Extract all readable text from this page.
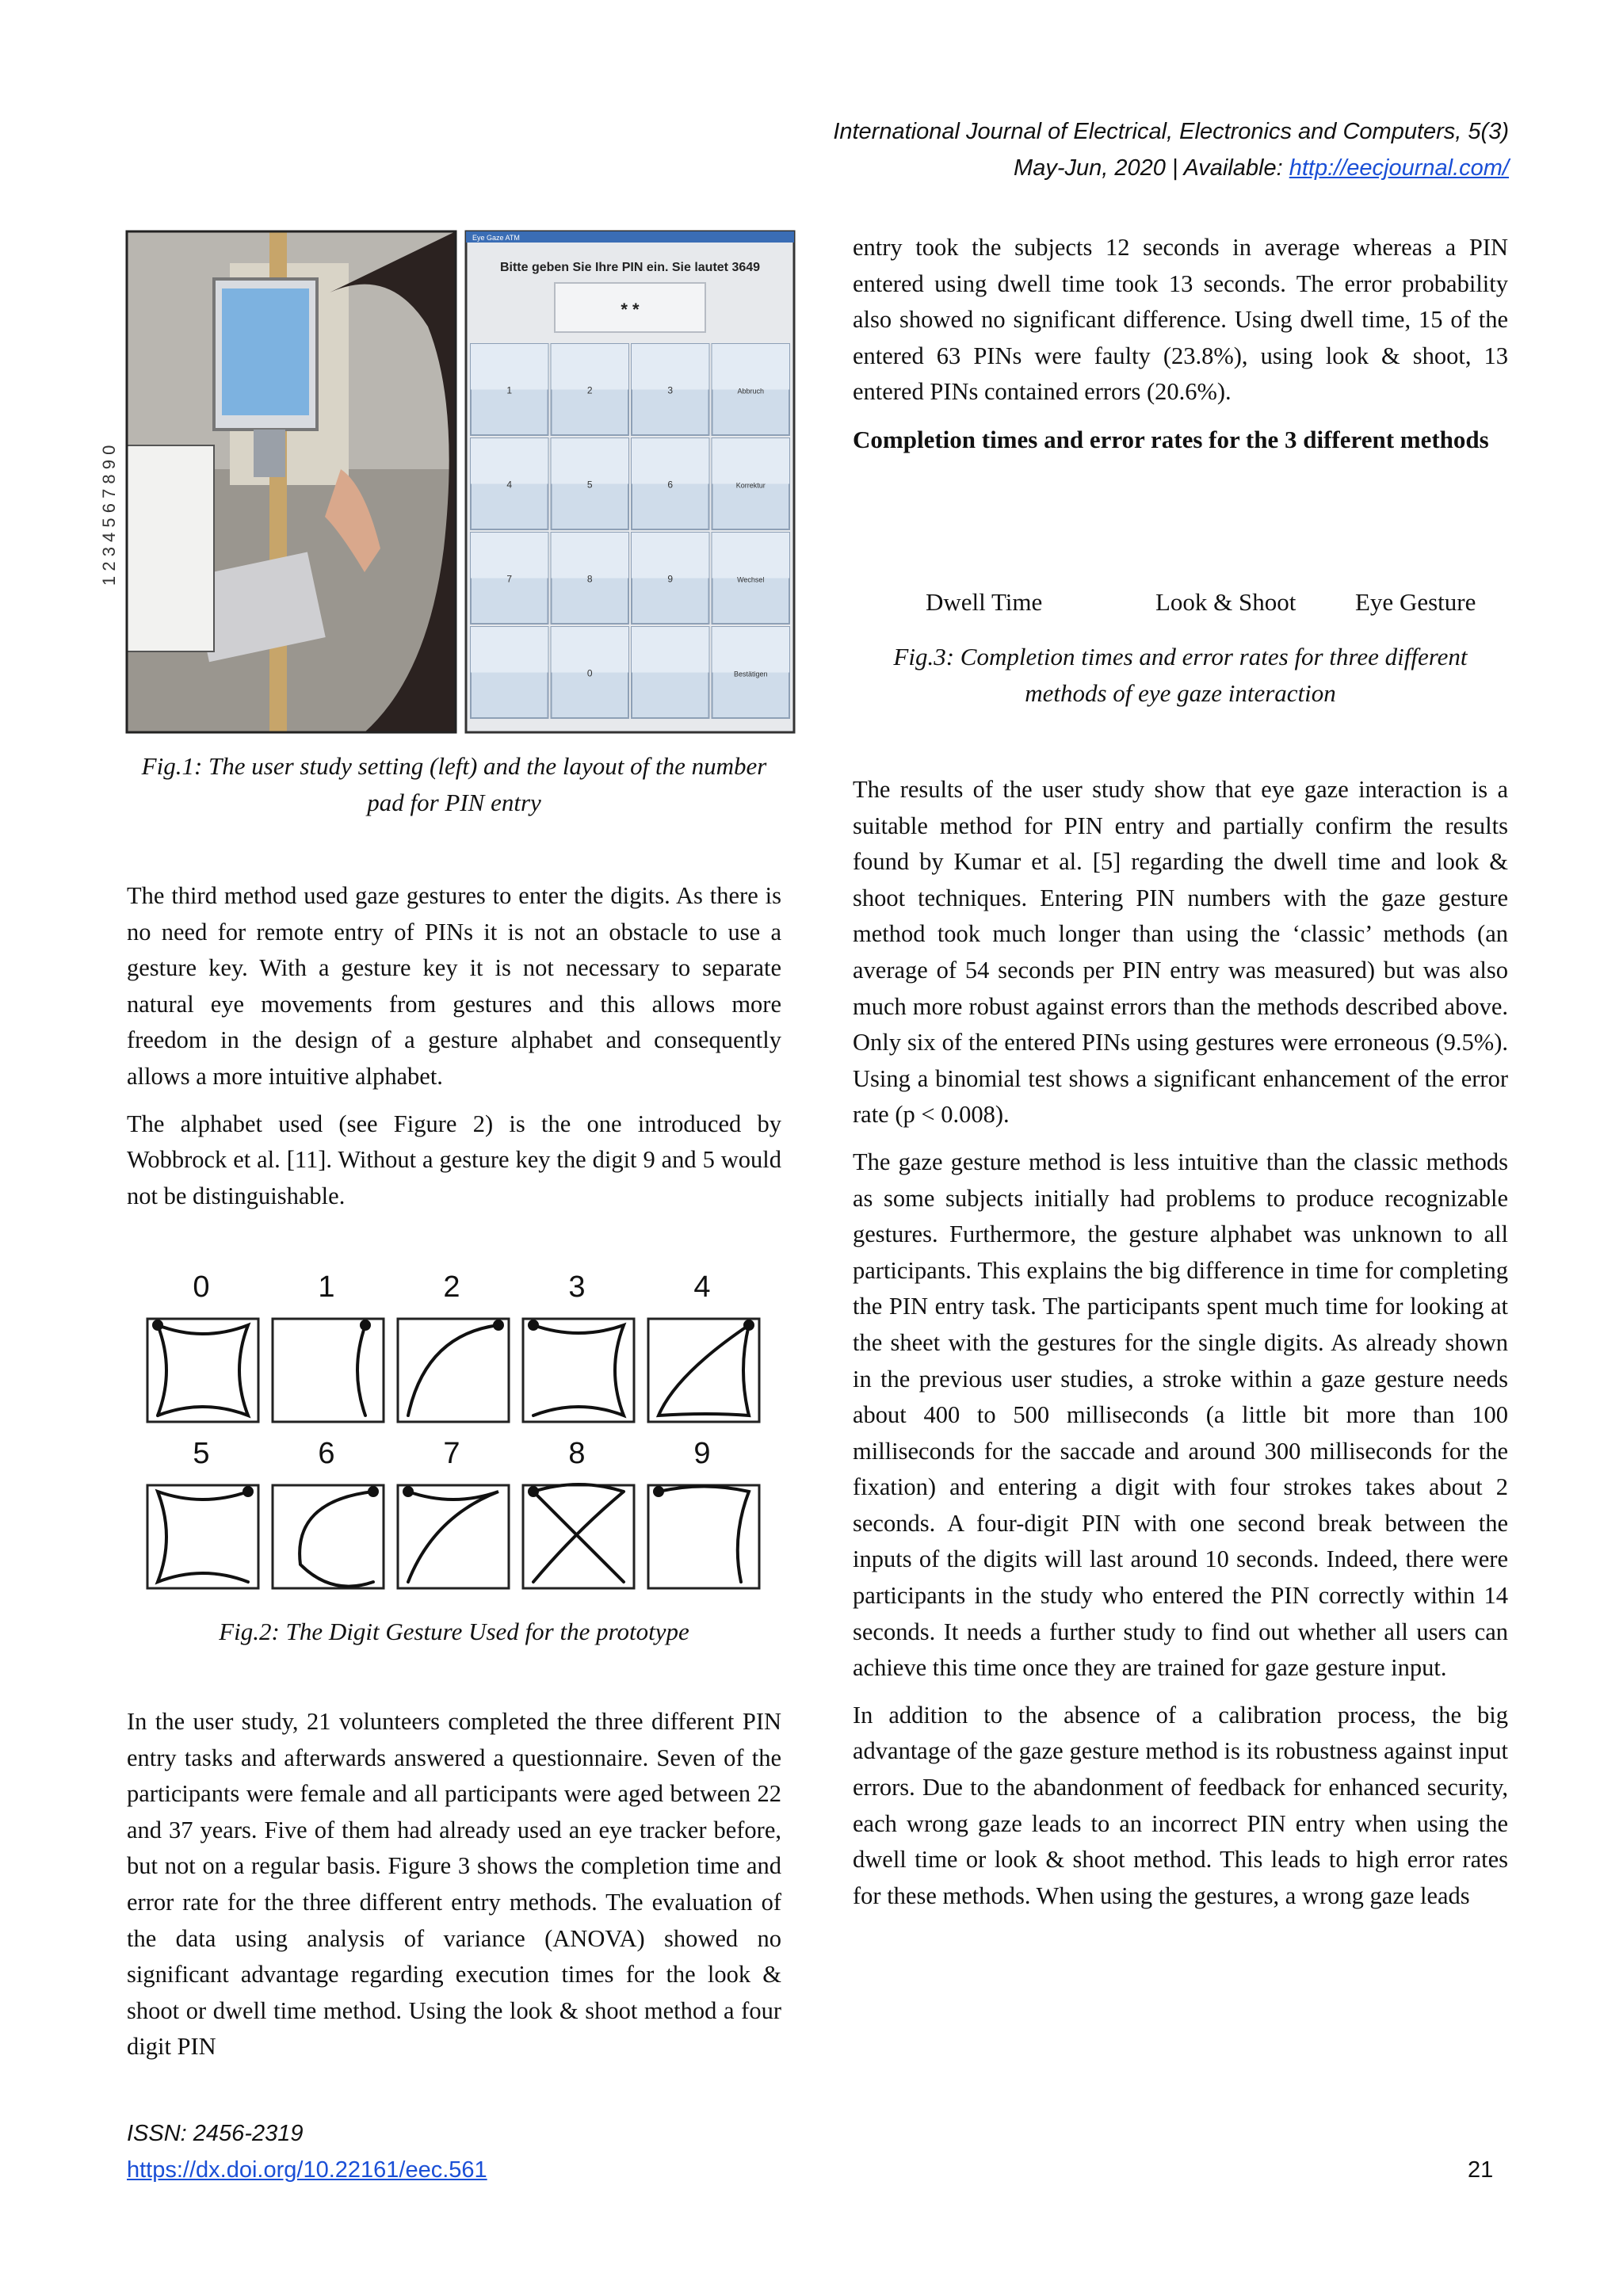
International Journal of Electrical, Electronics and Computers, 5(3)
May-Jun, 2020 | Available: http://eecjournal.com/
1 2 3 4 5 6 7 8 9 0
Eye Gaze ATM
Bitte geben Sie Ihre PIN ein. Sie lautet 3649
* *
1	2	3	Abbruch
4	5	6	Korrektur
7	8	9	Wechsel
0	Bestätigen
Fig.1: The user study setting (left) and the layout of the number pad for PIN entry

The third method used gaze gestures to enter the digits. As there is no need for remote entry of PINs it is not an obstacle to use a gesture key. With a gesture key it is not necessary to separate natural eye movements from gestures and this allows more freedom in the design of a gesture alphabet and consequently allows a more intuitive alphabet.

The alphabet used (see Figure 2) is the one introduced by Wobbrock et al. [11]. Without a gesture key the digit 9 and 5 would not be distinguishable.

0	1	2	3	4
5	6	7	8	9
Fig.2: The Digit Gesture Used for the prototype

In the user study, 21 volunteers completed the three different PIN entry tasks and afterwards answered a questionnaire. Seven of the participants were female and all participants were aged between 22 and 37 years. Five of them had already used an eye tracker before, but not on a regular basis. Figure 3 shows the completion time and error rate for the three different entry methods. The evaluation of the data using analysis of variance (ANOVA) showed no significant advantage regarding execution times for the look & shoot or dwell time method. Using the look & shoot method a four digit PIN

entry took the subjects 12 seconds in average whereas a PIN entered using dwell time took 13 seconds. The error probability also showed no significant difference. Using dwell time, 15 of the entered 63 PINs were faulty (23.8%), using look & shoot, 13 entered PINs contained errors (20.6%).

Completion times and error rates for the 3 different methods

Dwell Time	Look & Shoot Eye Gesture
Fig.3: Completion times and error rates for three different methods of eye gaze interaction

The results of the user study show that eye gaze interaction is a suitable method for PIN entry and partially confirm the results found by Kumar et al. [5] regarding the dwell time and look & shoot techniques. Entering PIN numbers with the gaze gesture method took much longer than using the ‘classic’ methods (an average of 54 seconds per PIN entry was measured) but was also much more robust against errors than the methods described above. Only six of the entered PINs using gestures were erroneous (9.5%). Using a binomial test shows a significant enhancement of the error rate (p < 0.008).

The gaze gesture method is less intuitive than the classic methods as some subjects initially had problems to produce recognizable gestures. Furthermore, the gesture alphabet was unknown to all participants. This explains the big difference in time for completing the PIN entry task. The participants spent much time for looking at the sheet with the gestures for the single digits. As already shown in the previous user studies, a stroke within a gaze gesture needs about 400 to 500 milliseconds (a little bit more than 100 milliseconds for the saccade and around 300 milliseconds for the fixation) and entering a digit with four strokes takes about 2 seconds. A four-digit PIN with one second break between the inputs of the digits will last around 10 seconds. Indeed, there were participants in the study who entered the PIN correctly within 14 seconds. It needs a further study to find out whether all users can achieve this time once they are trained for gaze gesture input.

In addition to the absence of a calibration process, the big advantage of the gaze gesture method is its robustness against input errors. Due to the abandonment of feedback for enhanced security, each wrong gaze leads to an incorrect PIN entry when using the dwell time or look & shoot method. This leads to high error rates for these methods. When using the gestures, a wrong gaze leads

ISSN: 2456-2319
https://dx.doi.org/10.22161/eec.561	21
